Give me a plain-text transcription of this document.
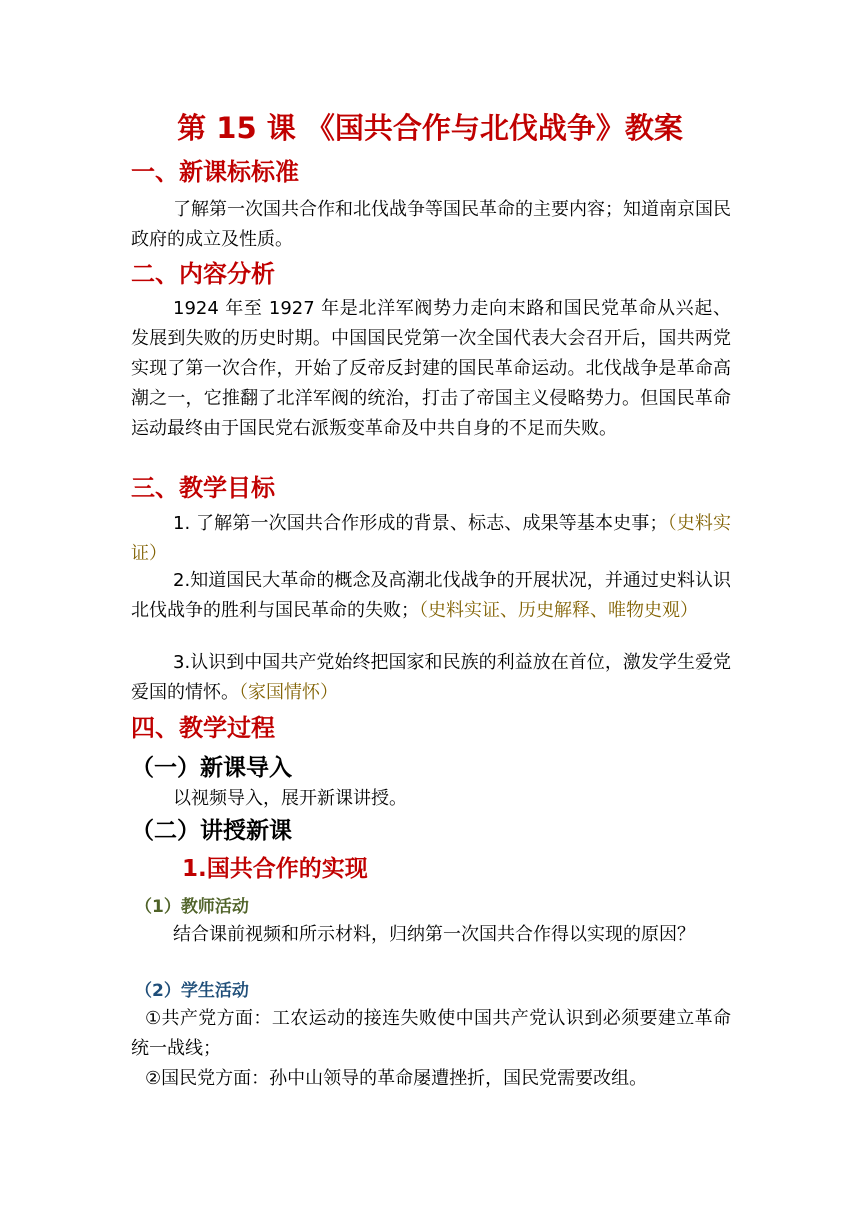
第 15 课 《国共合作与北伐战争》教案
一、新课标标准

了解第一次国共合作和北伐战争等国民革命的主要内容；知道南京国民政府的成立及性质。

二、内容分析

1924 年至 1927 年是北洋军阀势力走向末路和国民党革命从兴起、发展到失败的历史时期。中国国民党第一次全国代表大会召开后，国共两党实现了第一次合作，开始了反帝反封建的国民革命运动。北伐战争是革命高潮之一，它推翻了北洋军阀的统治，打击了帝国主义侵略势力。但国民革命运动最终由于国民党右派叛变革命及中共自身的不足而失败。

三、教学目标

1. 了解第一次国共合作形成的背景、标志、成果等基本史事；（史料实证）

2.知道国民大革命的概念及高潮北伐战争的开展状况，并通过史料认识北伐战争的胜利与国民革命的失败；（史料实证、历史解释、唯物史观）

3.认识到中国共产党始终把国家和民族的利益放在首位，激发学生爱党爱国的情怀。（家国情怀）

四、教学过程
（一）新课导入

以视频导入，展开新课讲授。

（二）讲授新课
1.国共合作的实现
（1）教师活动

结合课前视频和所示材料，归纳第一次国共合作得以实现的原因？

（2）学生活动

①共产党方面：工农运动的接连失败使中国共产党认识到必须要建立革命统一战线；

②国民党方面：孙中山领导的革命屡遭挫折，国民党需要改组。
